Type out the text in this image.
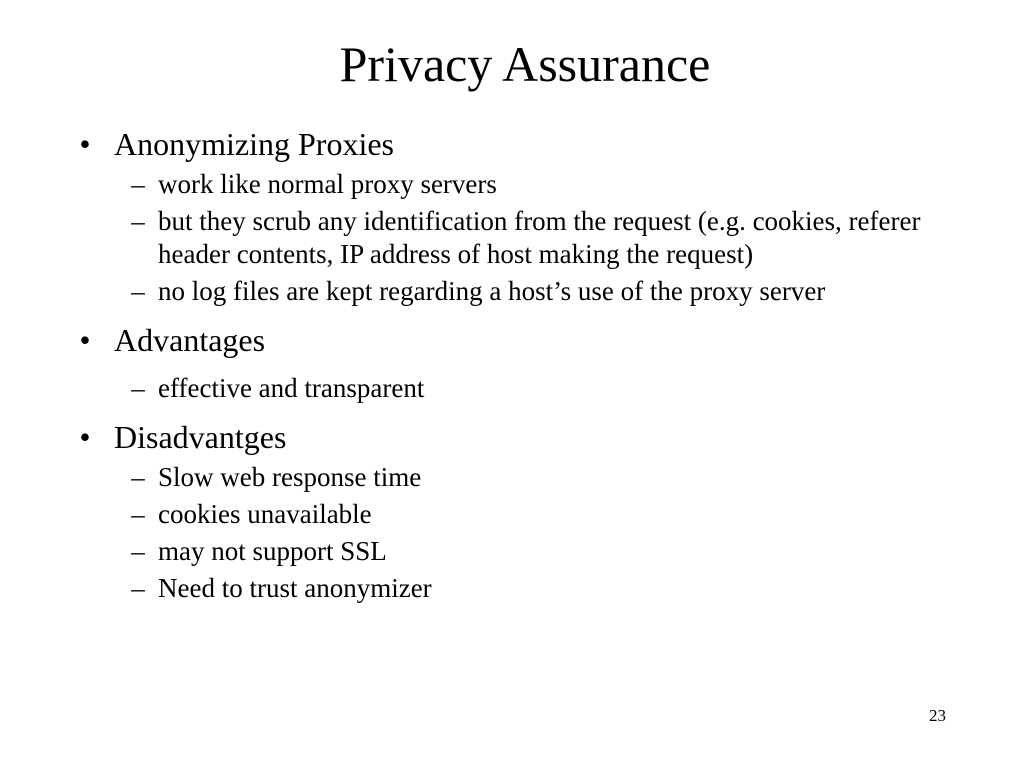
Privacy Assurance

• Anonymizing Proxies

– work like normal proxy servers
– but they scrub any identification from the request (e.g. cookies, referer header contents, IP address of host making the request)
– no log files are kept regarding a host’s use of the proxy server

• Advantages

– effective and transparent

• Disadvantges

– Slow web response time
– cookies unavailable
– may not support SSL
– Need to trust anonymizer
23
